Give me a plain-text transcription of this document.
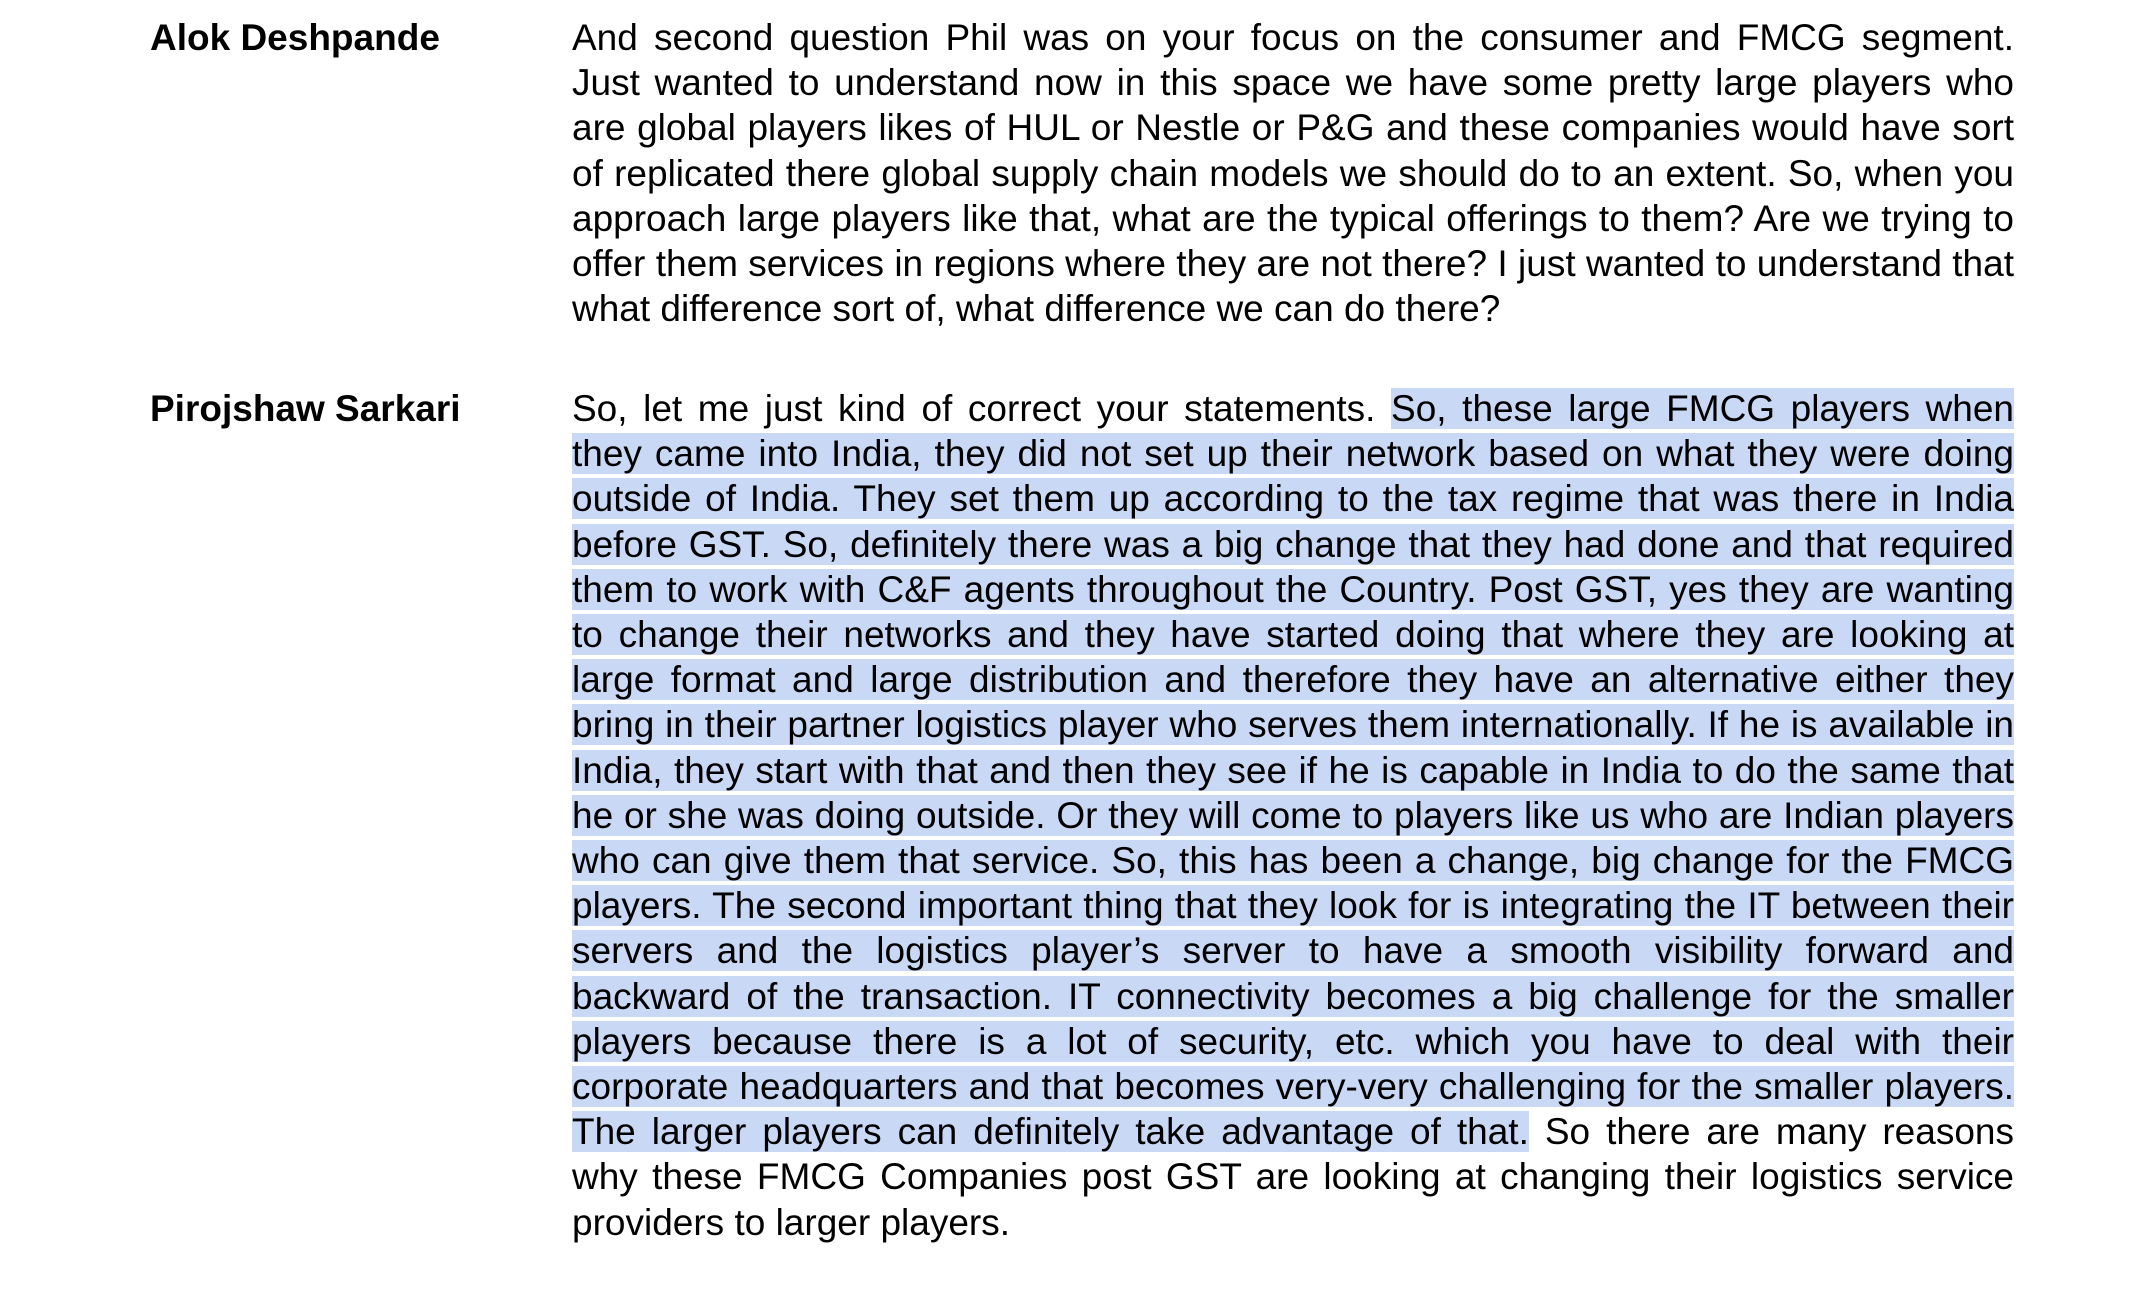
Alok Deshpande	And second question Phil was on your focus on the consumer and FMCG segment. Just wanted to understand now in this space we have some pretty large players who are global players likes of HUL or Nestle or P&G and these companies would have sort of replicated there global supply chain models we should do to an extent. So, when you approach large players like that, what are the typical offerings to them? Are we trying to offer them services in regions where they are not there? I just wanted to understand that what difference sort of, what difference we can do there?
Pirojshaw Sarkari	So, let me just kind of correct your statements. So, these large FMCG players when they came into India, they did not set up their network based on what they were doing outside of India. They set them up according to the tax regime that was there in India before GST. So, definitely there was a big change that they had done and that required them to work with C&F agents throughout the Country. Post GST, yes they are wanting to change their networks and they have started doing that where they are looking at large format and large distribution and therefore they have an alternative either they bring in their partner logistics player who serves them internationally. If he is available in India, they start with that and then they see if he is capable in India to do the same that he or she was doing outside. Or they will come to players like us who are Indian players who can give them that service. So, this has been a change, big change for the FMCG players. The second important thing that they look for is integrating the IT between their servers and the logistics player’s server to have a smooth visibility forward and backward of the transaction. IT connectivity becomes a big challenge for the smaller players because there is a lot of security, etc. which you have to deal with their corporate headquarters and that becomes very-very challenging for the smaller players. The larger players can definitely take advantage of that. So there are many reasons why these FMCG Companies post GST are looking at changing their logistics service providers to larger players.
